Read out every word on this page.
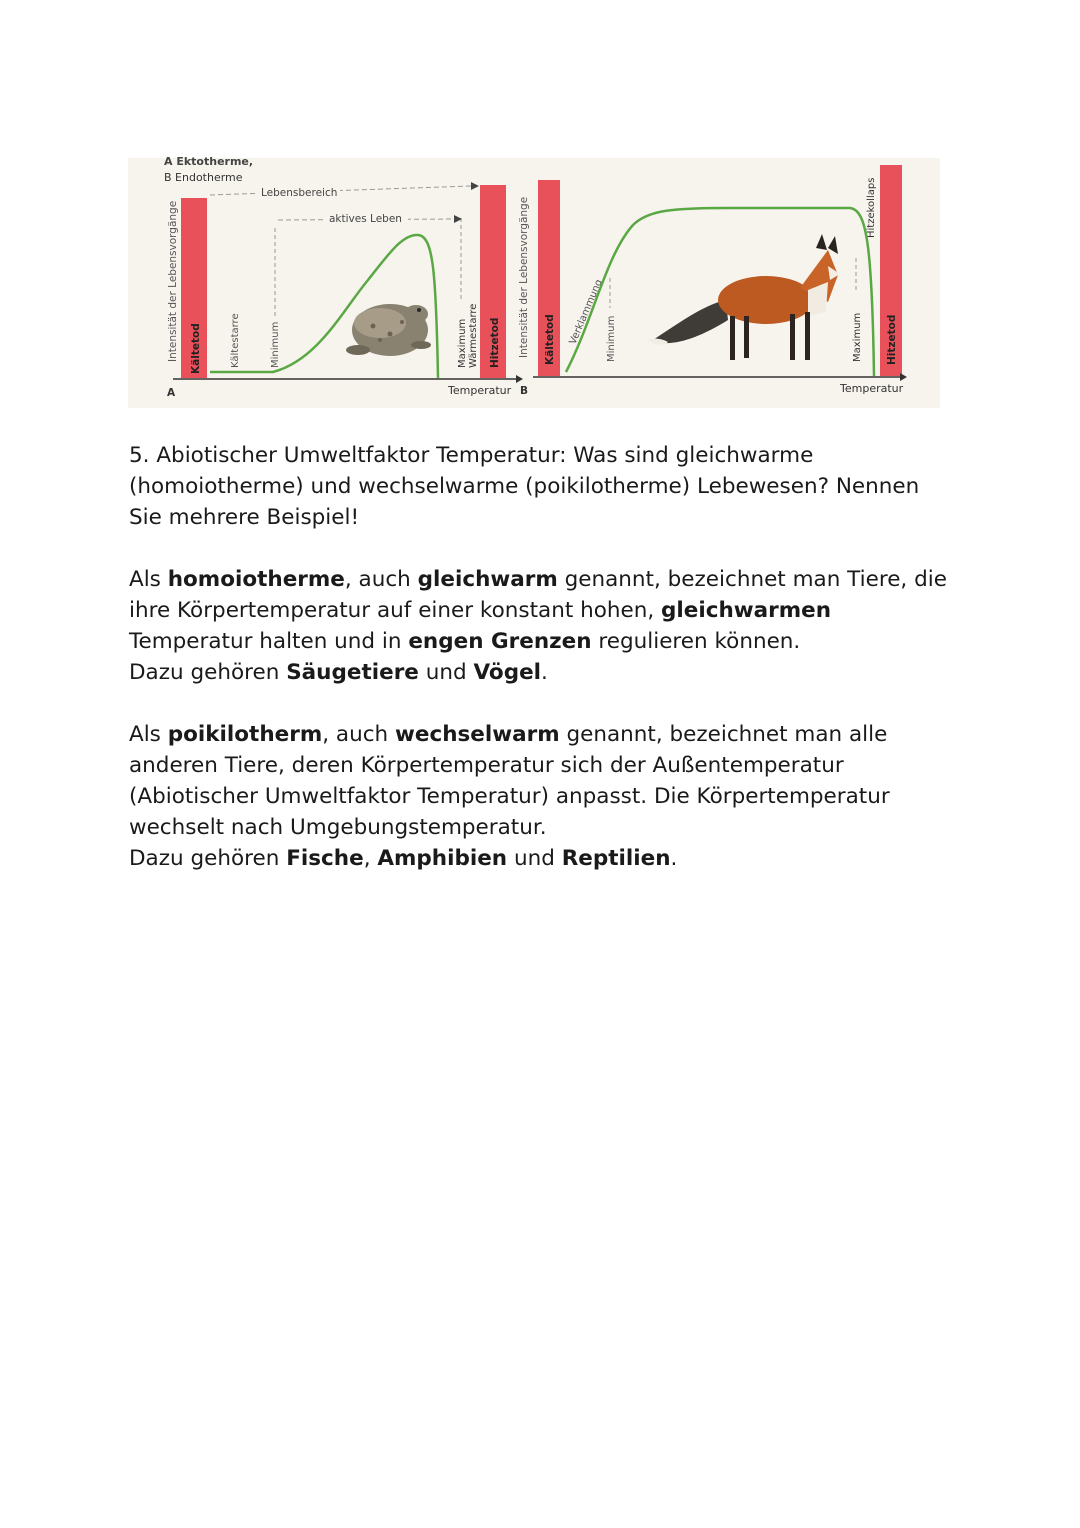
A Ektotherme,
B Endotherme
Intensität der Lebensvorgänge Kältetod	Kältestarre	Minimum	Maximum Wärmestarre Hitzetod
Lebensbereich
aktives Leben
A	Temperatur
Intensität der Lebensvorgänge Kältetod Verklammung Minimum	Maximum
Hitzekollaps
Hitzetod
B	Temperatur

5. Abiotischer Umweltfaktor Temperatur: Was sind gleichwarme (homoiotherme) und wechselwarme (poikilotherme) Lebewesen? Nennen Sie mehrere Beispiel!

Als homoiotherme, auch gleichwarm genannt, bezeichnet man Tiere, die ihre Körpertemperatur auf einer konstant hohen, gleichwarmen Temperatur halten und in engen Grenzen regulieren können.
Dazu gehören Säugetiere und Vögel.

Als poikilotherm, auch wechselwarm genannt, bezeichnet man alle anderen Tiere, deren Körpertemperatur sich der Außentemperatur (Abiotischer Umweltfaktor Temperatur) anpasst. Die Körpertemperatur wechselt nach Umgebungstemperatur.
Dazu gehören Fische, Amphibien und Reptilien.
